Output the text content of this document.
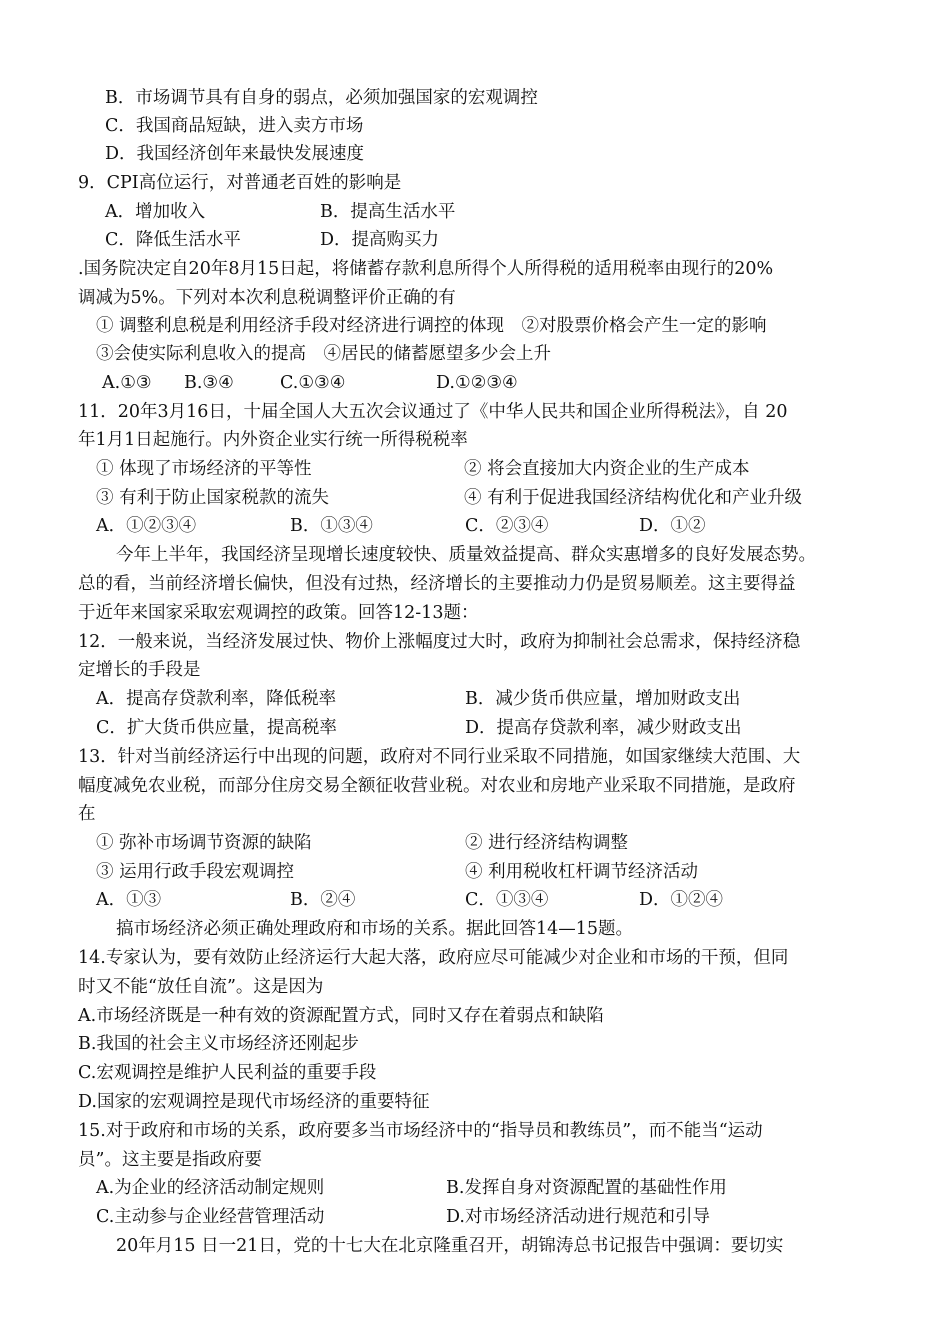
B．市场调节具有自身的弱点，必须加强国家的宏观调控
C．我国商品短缺，进入卖方市场
D．我国经济创年来最快发展速度
9．CPI高位运行，对普通老百姓的影响是
A．增加收入	B．提高生活水平
C．降低生活水平	D．提高购买力
.国务院决定自20年8月15日起，将储蓄存款利息所得个人所得税的适用税率由现行的20%
调减为5%。下列对本次利息税调整评价正确的有
① 调整利息税是利用经济手段对经济进行调控的体现　②对股票价格会产生一定的影响
③会使实际利息收入的提高　④居民的储蓄愿望多少会上升
A.①③ B.③④	C.①③④	D.①②③④
11．20年3月16日，十届全国人大五次会议通过了《中华人民共和国企业所得税法》，自 20
年1月1日起施行。内外资企业实行统一所得税税率
① 体现了市场经济的平等性	② 将会直接加大内资企业的生产成本
③ 有利于防止国家税款的流失	④ 有利于促进我国经济结构优化和产业升级
A．①②③④	B．①③④	C．②③④	D．①②
今年上半年，我国经济呈现增长速度较快、质量效益提高、群众实惠增多的良好发展态势。
总的看，当前经济增长偏快，但没有过热，经济增长的主要推动力仍是贸易顺差。这主要得益
于近年来国家采取宏观调控的政策。回答12-13题：
12．一般来说，当经济发展过快、物价上涨幅度过大时，政府为抑制社会总需求，保持经济稳
定增长的手段是
A．提高存贷款利率，降低税率	B．减少货币供应量，增加财政支出
C．扩大货币供应量，提高税率	D．提高存贷款利率，减少财政支出
13．针对当前经济运行中出现的问题，政府对不同行业采取不同措施，如国家继续大范围、大
幅度减免农业税，而部分住房交易全额征收营业税。对农业和房地产业采取不同措施，是政府
在
① 弥补市场调节资源的缺陷	② 进行经济结构调整
③ 运用行政手段宏观调控	④ 利用税收杠杆调节经济活动
A．①③	B．②④	C．①③④	D．①②④
搞市场经济必须正确处理政府和市场的关系。据此回答14—15题。
14.专家认为，要有效防止经济运行大起大落，政府应尽可能减少对企业和市场的干预，但同
时又不能“放任自流”。这是因为
A.市场经济既是一种有效的资源配置方式，同时又存在着弱点和缺陷
B.我国的社会主义市场经济还刚起步
C.宏观调控是维护人民利益的重要手段
D.国家的宏观调控是现代市场经济的重要特征
15.对于政府和市场的关系，政府要多当市场经济中的“指导员和教练员”，而不能当“运动
员”。这主要是指政府要
A.为企业的经济活动制定规则	B.发挥自身对资源配置的基础性作用
C.主动参与企业经营管理活动	D.对市场经济活动进行规范和引导
20年月15 日一21日，党的十七大在北京隆重召开，胡锦涛总书记报告中强调：要切实
